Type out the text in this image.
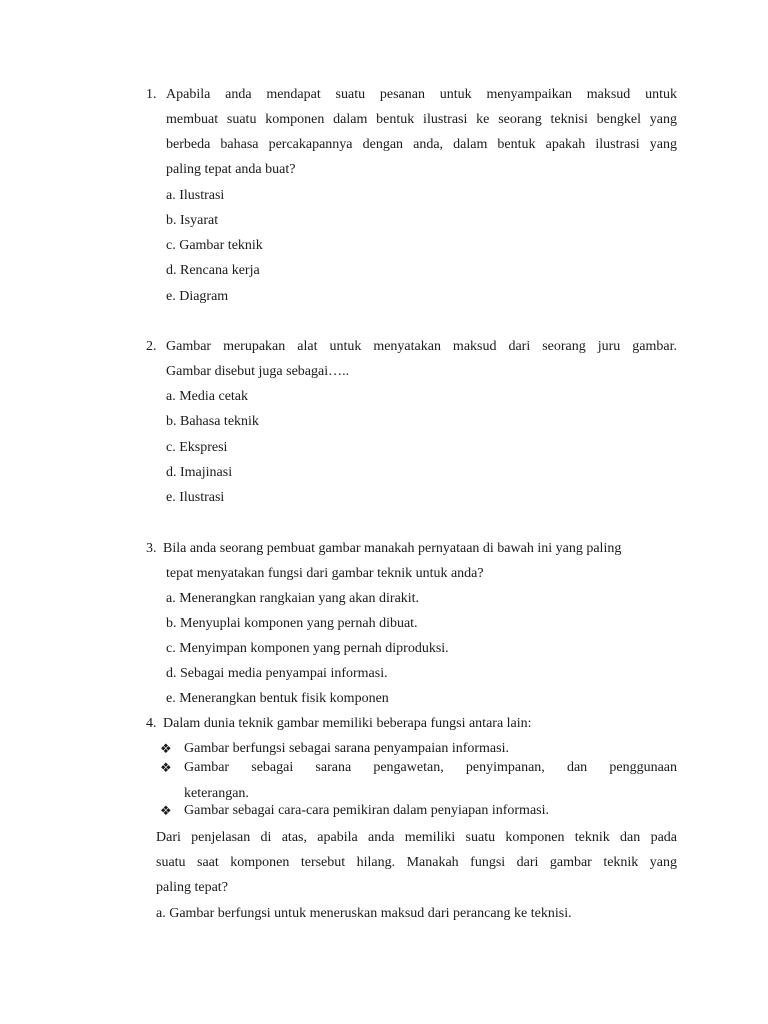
1. Apabila anda mendapat suatu pesanan untuk menyampaikan maksud untuk
membuat suatu komponen dalam bentuk ilustrasi ke seorang teknisi bengkel yang
berbeda bahasa percakapannya dengan anda, dalam bentuk apakah ilustrasi yang
paling tepat anda buat?
a. Ilustrasi
b. Isyarat
c. Gambar teknik
d. Rencana kerja
e. Diagram
2. Gambar merupakan alat untuk menyatakan maksud dari seorang juru gambar.
Gambar disebut juga sebagai…..
a. Media cetak
b. Bahasa teknik
c. Ekspresi
d. Imajinasi
e. Ilustrasi
3. Bila anda seorang pembuat gambar manakah pernyataan di bawah ini yang paling
tepat menyatakan fungsi dari gambar teknik untuk anda?
a. Menerangkan rangkaian yang akan dirakit.
b. Menyuplai komponen yang pernah dibuat.
c. Menyimpan komponen yang pernah diproduksi.
d. Sebagai media penyampai informasi.
e. Menerangkan bentuk fisik komponen
4. Dalam dunia teknik gambar memiliki beberapa fungsi antara lain:
❖ Gambar berfungsi sebagai sarana penyampaian informasi.
❖ Gambar sebagai sarana pengawetan, penyimpanan, dan penggunaan
keterangan.
❖ Gambar sebagai cara-cara pemikiran dalam penyiapan informasi.
Dari penjelasan di atas, apabila anda memiliki suatu komponen teknik dan pada
suatu saat komponen tersebut hilang. Manakah fungsi dari gambar teknik yang
paling tepat?
a. Gambar berfungsi untuk meneruskan maksud dari perancang ke teknisi.
